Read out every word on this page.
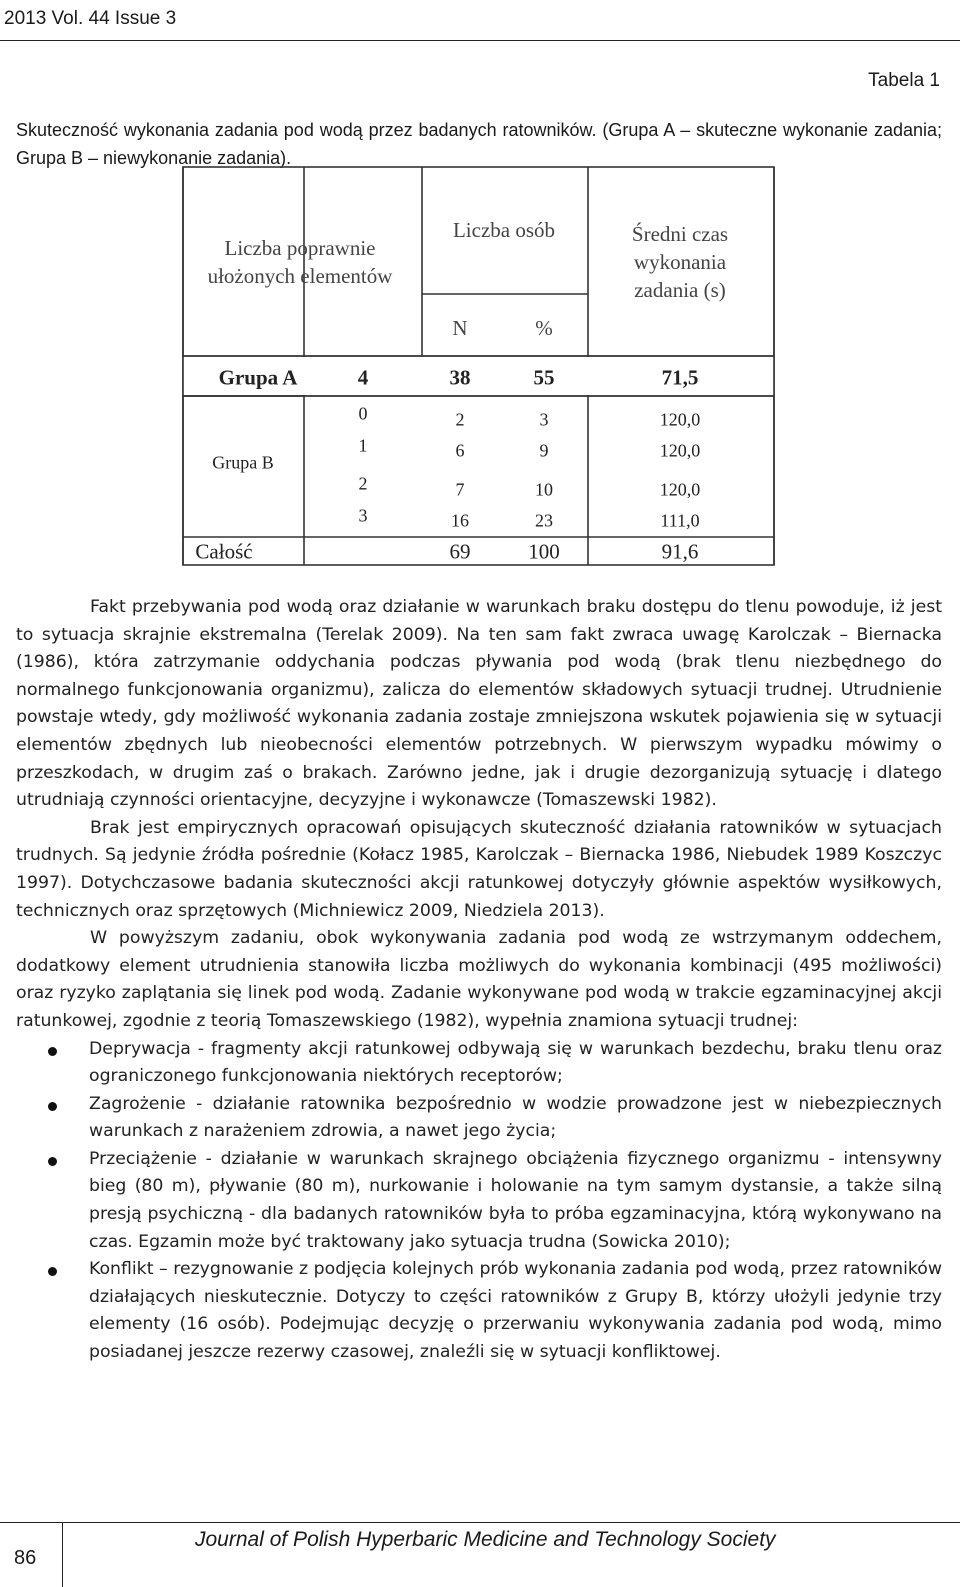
2013 Vol. 44 Issue 3
Tabela 1
Skuteczność wykonania zadania pod wodą przez badanych ratowników. (Grupa A – skuteczne wykonanie zadania; Grupa B – niewykonanie zadania).
Liczba poprawnie
ułożonych elementów
Liczba osób
N	%
Średni czas
wykonania
zadania (s)
Grupa A	4	38	55	71,5
Grupa B
0	2	3	120,0
1	6	9	120,0
2	7	10	120,0
3	16	23	111,0
Całość	69	100	91,6

Fakt przebywania pod wodą oraz działanie w warunkach braku dostępu do tlenu powoduje, iż jest to sytuacja skrajnie ekstremalna (Terelak 2009). Na ten sam fakt zwraca uwagę Karolczak – Biernacka (1986), która zatrzymanie oddychania podczas pływania pod wodą (brak tlenu niezbędnego do normalnego funkcjonowania organizmu), zalicza do elementów składowych sytuacji trudnej. Utrudnienie powstaje wtedy, gdy możliwość wykonania zadania zostaje zmniejszona wskutek pojawienia się w sytuacji elementów zbędnych lub nieobecności elementów potrzebnych. W pierwszym wypadku mówimy o przeszkodach, w drugim zaś o brakach. Zarówno jedne, jak i drugie dezorganizują sytuację i dlatego utrudniają czynności orientacyjne, decyzyjne i wykonawcze (Tomaszewski 1982).

Brak jest empirycznych opracowań opisujących skuteczność działania ratowników w sytuacjach trudnych. Są jedynie źródła pośrednie (Kołacz 1985, Karolczak – Biernacka 1986, Niebudek 1989 Koszczyc 1997). Dotychczasowe badania skuteczności akcji ratunkowej dotyczyły głównie aspektów wysiłkowych, technicznych oraz sprzętowych (Michniewicz 2009, Niedziela 2013).

W powyższym zadaniu, obok wykonywania zadania pod wodą ze wstrzymanym oddechem, dodatkowy element utrudnienia stanowiła liczba możliwych do wykonania kombinacji (495 możliwości) oraz ryzyko zaplątania się linek pod wodą. Zadanie wykonywane pod wodą w trakcie egzaminacyjnej akcji ratunkowej, zgodnie z teorią Tomaszewskiego (1982), wypełnia znamiona sytuacji trudnej:

Deprywacja - fragmenty akcji ratunkowej odbywają się w warunkach bezdechu, braku tlenu oraz ograniczonego funkcjonowania niektórych receptorów;
Zagrożenie - działanie ratownika bezpośrednio w wodzie prowadzone jest w niebezpiecznych warunkach z narażeniem zdrowia, a nawet jego życia;
Przeciążenie - działanie w warunkach skrajnego obciążenia fizycznego organizmu - intensywny bieg (80 m), pływanie (80 m), nurkowanie i holowanie na tym samym dystansie, a także silną presją psychiczną - dla badanych ratowników była to próba egzaminacyjna, którą wykonywano na czas. Egzamin może być traktowany jako sytuacja trudna (Sowicka 2010);
Konflikt – rezygnowanie z podjęcia kolejnych prób wykonania zadania pod wodą, przez ratowników działających nieskutecznie. Dotyczy to części ratowników z Grupy B, którzy ułożyli jedynie trzy elementy (16 osób). Podejmując decyzję o przerwaniu wykonywania zadania pod wodą, mimo posiadanej jeszcze rezerwy czasowej, znaleźli się w sytuacji konfliktowej.
86
Journal of Polish Hyperbaric Medicine and Technology Society
